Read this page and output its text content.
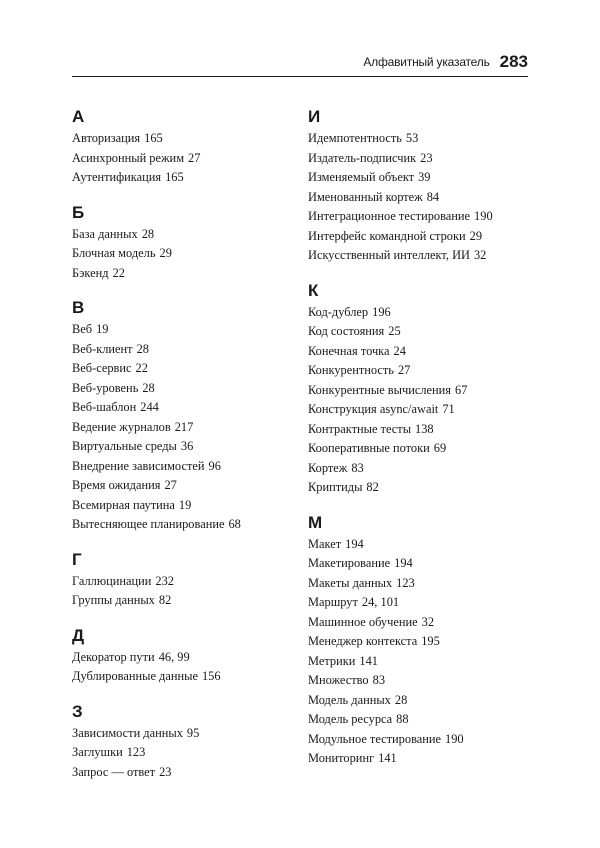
Алфавитный указатель 283
А
Авторизация 165
Асинхронный режим 27
Аутентификация 165
Б
База данных 28
Блочная модель 29
Бэкенд 22
В
Веб 19
Веб-клиент 28
Веб-сервис 22
Веб-уровень 28
Веб-шаблон 244
Ведение журналов 217
Виртуальные среды 36
Внедрение зависимостей 96
Время ожидания 27
Всемирная паутина 19
Вытесняющее планирование 68
Г
Галлюцинации 232
Группы данных 82
Д
Декоратор пути 46, 99
Дублированные данные 156
З
Зависимости данных 95
Заглушки 123
Запрос — ответ 23
И
Идемпотентность 53
Издатель-подписчик 23
Изменяемый объект 39
Именованный кортеж 84
Интеграционное тестирование 190
Интерфейс командной строки 29
Искусственный интеллект, ИИ 32
К
Код-дублер 196
Код состояния 25
Конечная точка 24
Конкурентность 27
Конкурентные вычисления 67
Конструкция async/await 71
Контрактные тесты 138
Кооперативные потоки 69
Кортеж 83
Криптиды 82
М
Макет 194
Макетирование 194
Макеты данных 123
Маршрут 24, 101
Машинное обучение 32
Менеджер контекста 195
Метрики 141
Множество 83
Модель данных 28
Модель ресурса 88
Модульное тестирование 190
Мониторинг 141
